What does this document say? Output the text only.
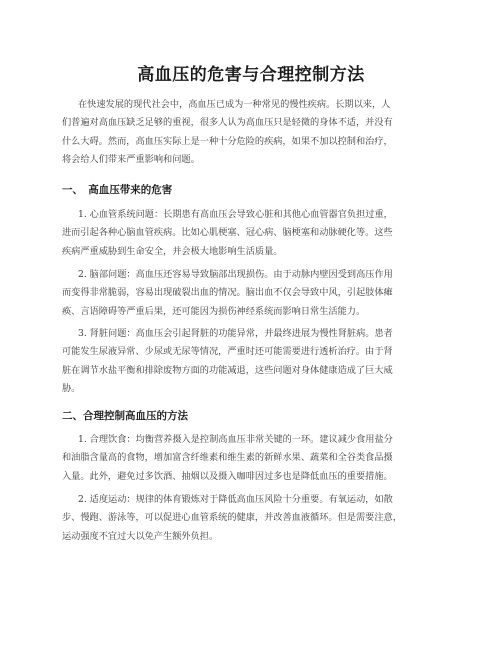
高血压的危害与合理控制方法
在快速发展的现代社会中，高血压已成为一种常见的慢性疾病。长期以来，人
们普遍对高血压缺乏足够的重视，很多人认为高血压只是轻微的身体不适，并没有
什么大碍。然而，高血压实际上是一种十分危险的疾病，如果不加以控制和治疗，
将会给人们带来严重影响和问题。
一、　高血压带来的危害
1. 心血管系统问题：长期患有高血压会导致心脏和其他心血管器官负担过重，
进而引起各种心脑血管疾病。比如心肌梗塞、冠心病、脑梗塞和动脉硬化等。这些
疾病严重威胁到生命安全，并会极大地影响生活质量。
2. 脑部问题：高血压还容易导致脑部出现损伤。由于动脉内壁因受到高压作用
而变得非常脆弱，容易出现破裂出血的情况。脑出血不仅会导致中风，引起肢体瘫
痪、言语障碍等严重后果，还可能因为损伤神经系统而影响日常生活能力。
3. 肾脏问题：高血压会引起肾脏的功能异常，并最终进展为慢性肾脏病。患者
可能发生尿液异常、少尿或无尿等情况，严重时还可能需要进行透析治疗。由于肾
脏在调节水盐平衡和排除废物方面的功能减退，这些问题对身体健康造成了巨大威
胁。
二、合理控制高血压的方法
1. 合理饮食：均衡营养摄入是控制高血压非常关键的一环。建议减少食用盐分
和油脂含量高的食物，增加富含纤维素和维生素的新鲜水果、蔬菜和全谷类食品摄
入量。此外，避免过多饮酒、抽烟以及摄入咖啡因过多也是降低血压的重要措施。
2. 适度运动：规律的体育锻炼对于降低高血压风险十分重要。有氧运动，如散
步、慢跑、游泳等，可以促进心血管系统的健康，并改善血液循环。但是需要注意，
运动强度不宜过大以免产生额外负担。
